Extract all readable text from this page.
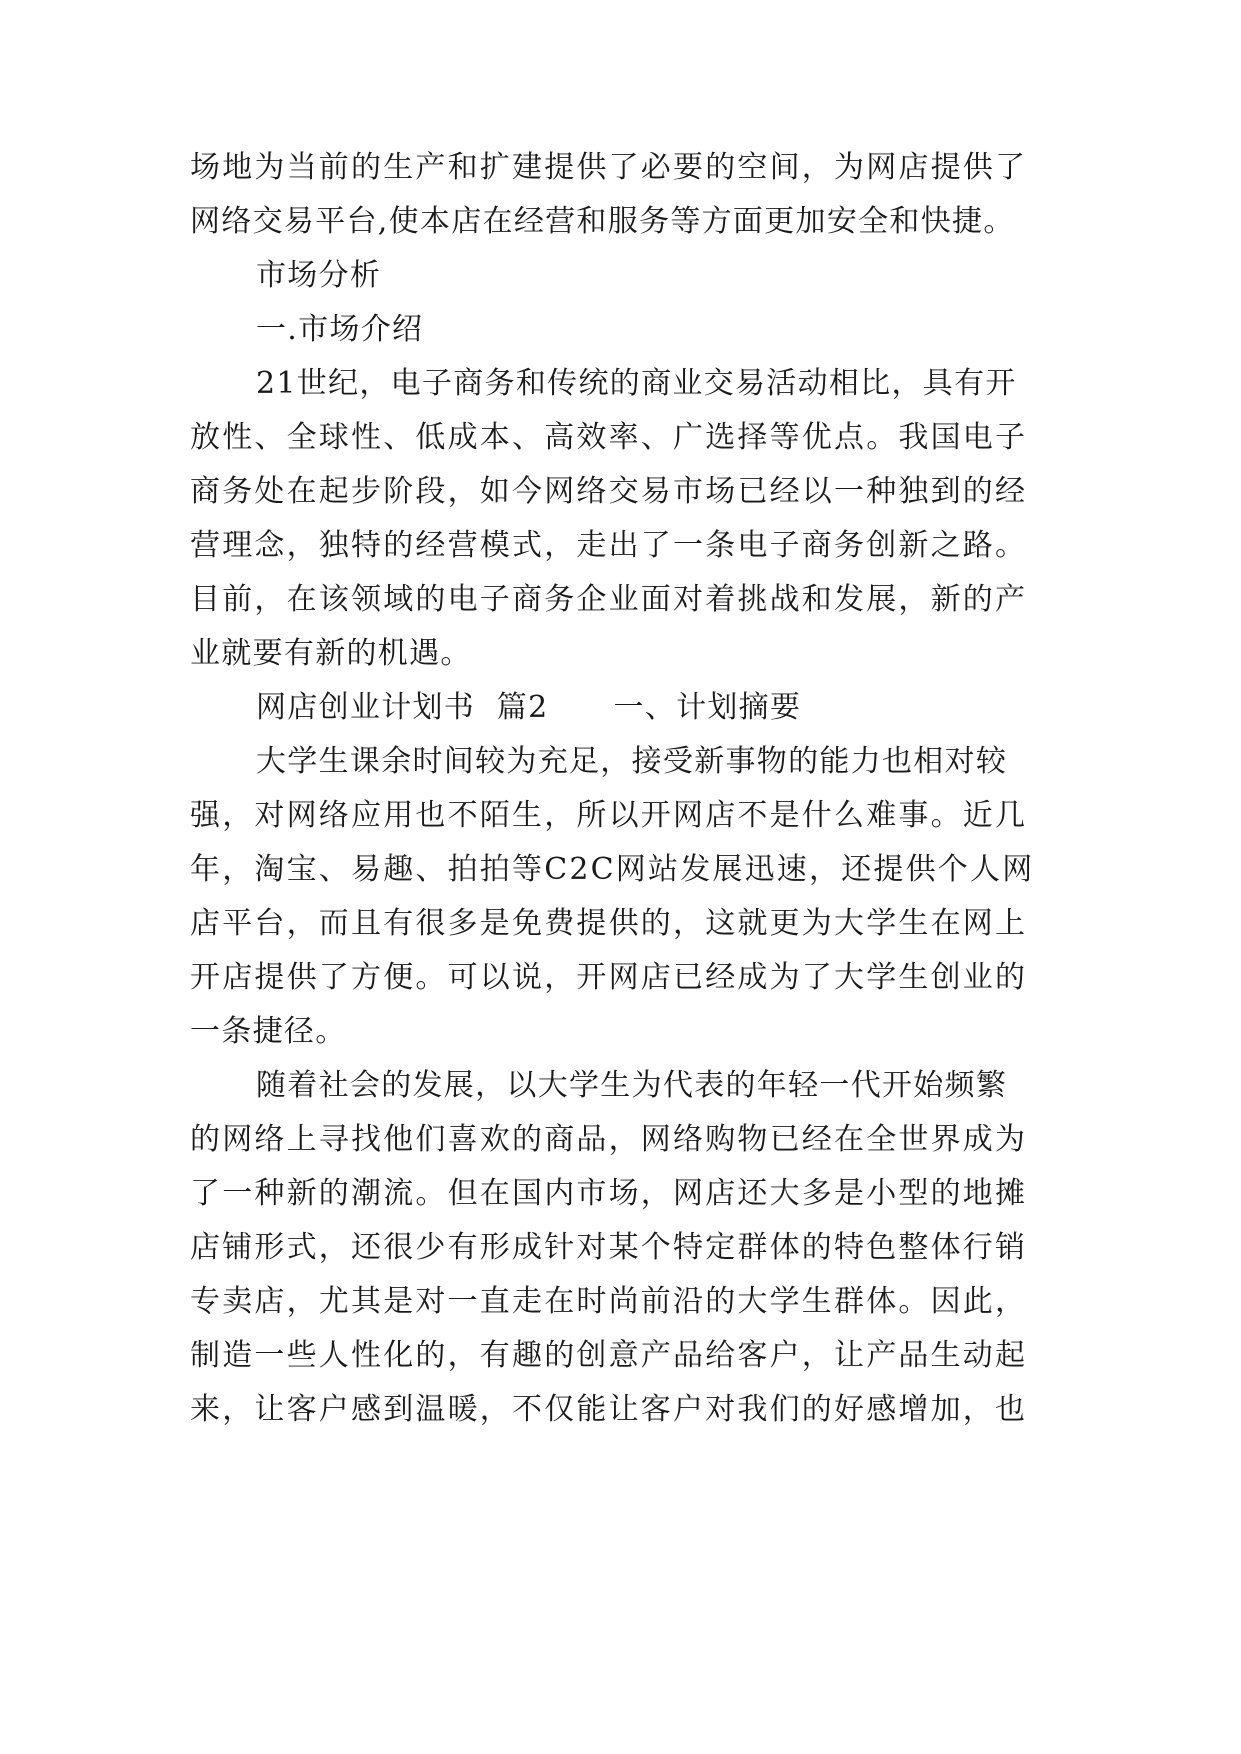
场地为当前的生产和扩建提供了必要的空间，为网店提供了
网络交易平台,使本店在经营和服务等方面更加安全和快捷。
市场分析
一.市场介绍
21世纪，电子商务和传统的商业交易活动相比，具有开
放性、全球性、低成本、高效率、广选择等优点。我国电子
商务处在起步阶段，如今网络交易市场已经以一种独到的经
营理念，独特的经营模式，走出了一条电子商务创新之路。
目前，在该领域的电子商务企业面对着挑战和发展，新的产
业就要有新的机遇。
网店创业计划书  篇2      一、计划摘要
大学生课余时间较为充足，接受新事物的能力也相对较
强，对网络应用也不陌生，所以开网店不是什么难事。近几
年，淘宝、易趣、拍拍等C2C网站发展迅速，还提供个人网
店平台，而且有很多是免费提供的，这就更为大学生在网上
开店提供了方便。可以说，开网店已经成为了大学生创业的
一条捷径。
随着社会的发展，以大学生为代表的年轻一代开始频繁
的网络上寻找他们喜欢的商品，网络购物已经在全世界成为
了一种新的潮流。但在国内市场，网店还大多是小型的地摊
店铺形式，还很少有形成针对某个特定群体的特色整体行销
专卖店，尤其是对一直走在时尚前沿的大学生群体。因此，
制造一些人性化的，有趣的创意产品给客户，让产品生动起
来，让客户感到温暖，不仅能让客户对我们的好感增加，也
